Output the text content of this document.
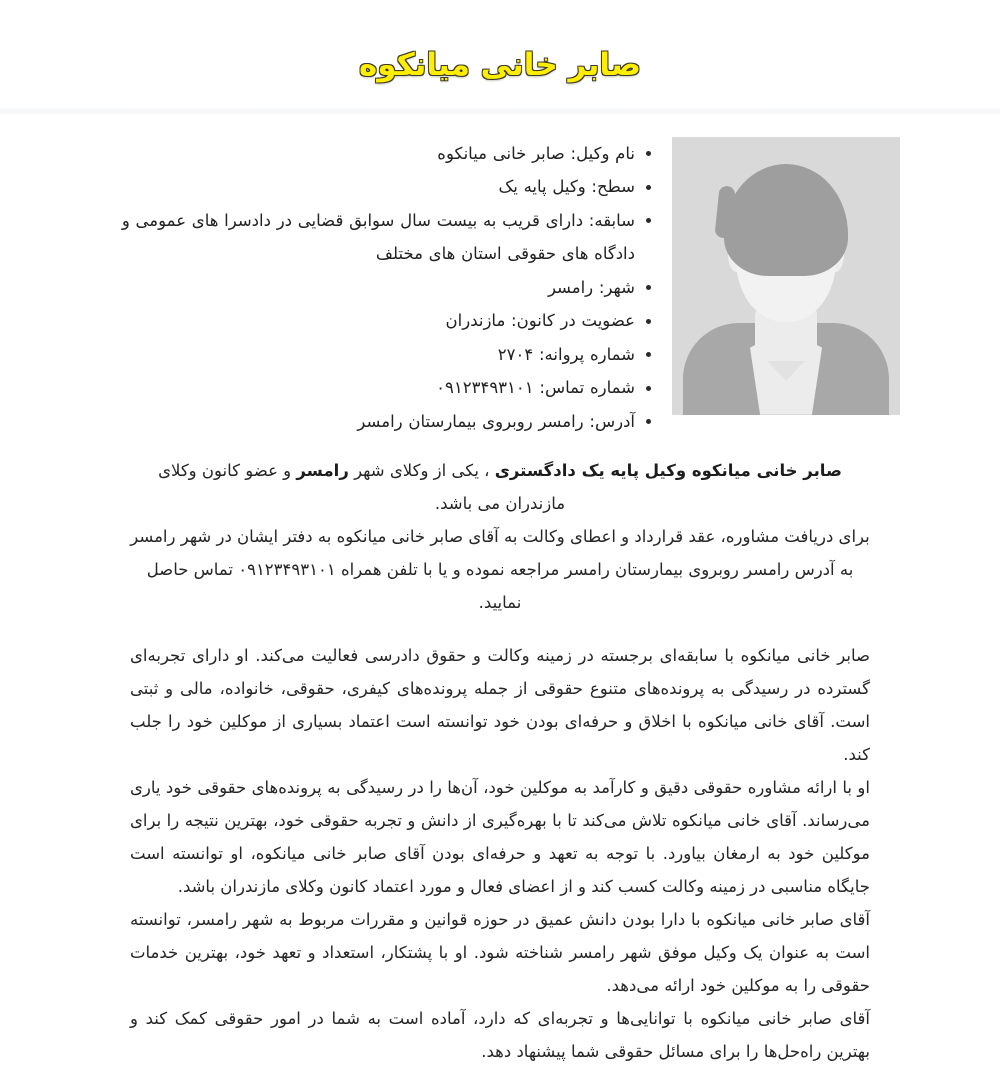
صابر خانی میانکوه
نام وکیل: صابر خانی میانکوه
سطح: وکیل پایه یک
سابقه: دارای قریب به بیست سال سوابق قضایی در دادسرا های عمومی و دادگاه های حقوقی استان های مختلف
شهر: رامسر
عضویت در کانون: مازندران
شماره پروانه: ۲۷۰۴
شماره تماس: ۰۹۱۲۳۴۹۳۱۰۱
آدرس: رامسر روبروی بیمارستان رامسر

صابر خانی میانکوه وکیل پایه یک دادگستری ، یکی از وکلای شهر رامسر و عضو کانون وکلای مازندران می باشد.

برای دریافت مشاوره، عقد قرارداد و اعطای وکالت به آقای صابر خانی میانکوه به دفتر ایشان در شهر رامسر به آدرس رامسر روبروی بیمارستان رامسر مراجعه نموده و یا با تلفن همراه ۰۹۱۲۳۴۹۳۱۰۱ تماس حاصل نمایید.

صابر خانی میانکوه با سابقه‌ای برجسته در زمینه وکالت و حقوق دادرسی فعالیت می‌کند. او دارای تجربه‌ای گسترده در رسیدگی به پرونده‌های متنوع حقوقی از جمله پرونده‌های کیفری، حقوقی، خانواده، مالی و ثبتی است. آقای خانی میانکوه با اخلاق و حرفه‌ای بودن خود توانسته است اعتماد بسیاری از موکلین خود را جلب کند.

او با ارائه مشاوره حقوقی دقیق و کارآمد به موکلین خود، آن‌ها را در رسیدگی به پرونده‌های حقوقی خود یاری می‌رساند. آقای خانی میانکوه تلاش می‌کند تا با بهره‌گیری از دانش و تجربه حقوقی خود، بهترین نتیجه را برای موکلین خود به ارمغان بیاورد. با توجه به تعهد و حرفه‌ای بودن آقای صابر خانی میانکوه، او توانسته است جایگاه مناسبی در زمینه وکالت کسب کند و از اعضای فعال و مورد اعتماد کانون وکلای مازندران باشد.

آقای صابر خانی میانکوه با دارا بودن دانش عمیق در حوزه قوانین و مقررات مربوط به شهر رامسر، توانسته است به عنوان یک وکیل موفق شهر رامسر شناخته شود. او با پشتکار، استعداد و تعهد خود، بهترین خدمات حقوقی را به موکلین خود ارائه می‌دهد.

آقای صابر خانی میانکوه با توانایی‌ها و تجربه‌ای که دارد، آماده است به شما در امور حقوقی کمک کند و بهترین راه‌حل‌ها را برای مسائل حقوقی شما پیشنهاد دهد.
